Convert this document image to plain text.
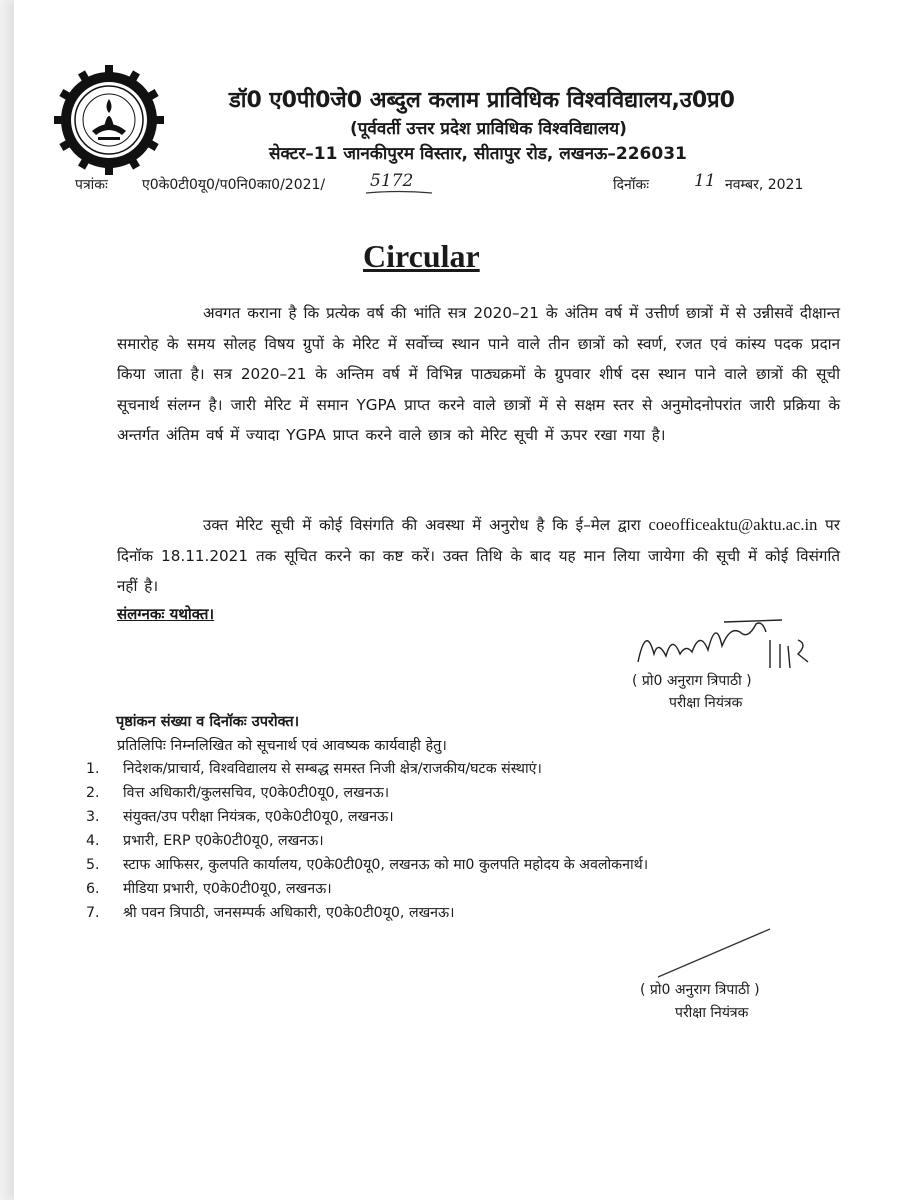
डॉ0 ए0पी0जे0 अब्दुल कलाम प्राविधिक विश्वविद्यालय,उ0प्र0
(पूर्ववर्ती उत्तर प्रदेश प्राविधिक विश्वविद्यालय)
सेक्टर–11 जानकीपुरम विस्तार, सीतापुर रोड, लखनऊ–226031
पत्रांकः ए0के0टी0यू0/प0नि0का0/2021/	5172	दिनॉकः	11 नवम्बर, 2021
Circular
अवगत कराना है कि प्रत्येक वर्ष की भांति सत्र 2020–21 के अंतिम वर्ष में उत्तीर्ण छात्रों में से उन्नीसवें दीक्षान्त समारोह के समय सोलह विषय ग्रुपों के मेरिट में सर्वोच्च स्थान पाने वाले तीन छात्रों को स्वर्ण, रजत एवं कांस्य पदक प्रदान किया जाता है। सत्र 2020–21 के अन्तिम वर्ष में विभिन्न पाठ्यक्रमों के ग्रुपवार शीर्ष दस स्थान पाने वाले छात्रों की सूची सूचनार्थ संलग्न है। जारी मेरिट में समान YGPA प्राप्त करने वाले छात्रों में से सक्षम स्तर से अनुमोदनोपरांत जारी प्रक्रिया के अन्तर्गत अंतिम वर्ष में ज्यादा YGPA प्राप्त करने वाले छात्र को मेरिट सूची में ऊपर रखा गया है।
उक्त मेरिट सूची में कोई विसंगति की अवस्था में अनुरोध है कि ई–मेल द्वारा coeofficeaktu@aktu.ac.in पर दिनॉक 18.11.2021 तक सूचित करने का कष्ट करें। उक्त तिथि के बाद यह मान लिया जायेगा की सूची में कोई विसंगति नहीं है।
संलग्नकः यथोक्त।
( प्रो0 अनुराग त्रिपाठी )
परीक्षा नियंत्रक
पृष्ठांकन संख्या व दिनॉकः उपरोक्त।
प्रतिलिपिः निम्नलिखित को सूचनार्थ एवं आवष्यक कार्यवाही हेतु।
1. निदेशक/प्राचार्य, विश्वविद्यालय से सम्बद्ध समस्त निजी क्षेत्र/राजकीय/घटक संस्थाएं।
2. वित्त अधिकारी/कुलसचिव, ए0के0टी0यू0, लखनऊ।
3. संयुक्त/उप परीक्षा नियंत्रक, ए0के0टी0यू0, लखनऊ।
4. प्रभारी, ERP ए0के0टी0यू0, लखनऊ।
5. स्टाफ आफिसर, कुलपति कार्यालय, ए0के0टी0यू0, लखनऊ को मा0 कुलपति महोदय के अवलोकनार्थ।
6. मीडिया प्रभारी, ए0के0टी0यू0, लखनऊ।
7. श्री पवन त्रिपाठी, जनसम्पर्क अधिकारी, ए0के0टी0यू0, लखनऊ।
( प्रो0 अनुराग त्रिपाठी )
परीक्षा नियंत्रक
